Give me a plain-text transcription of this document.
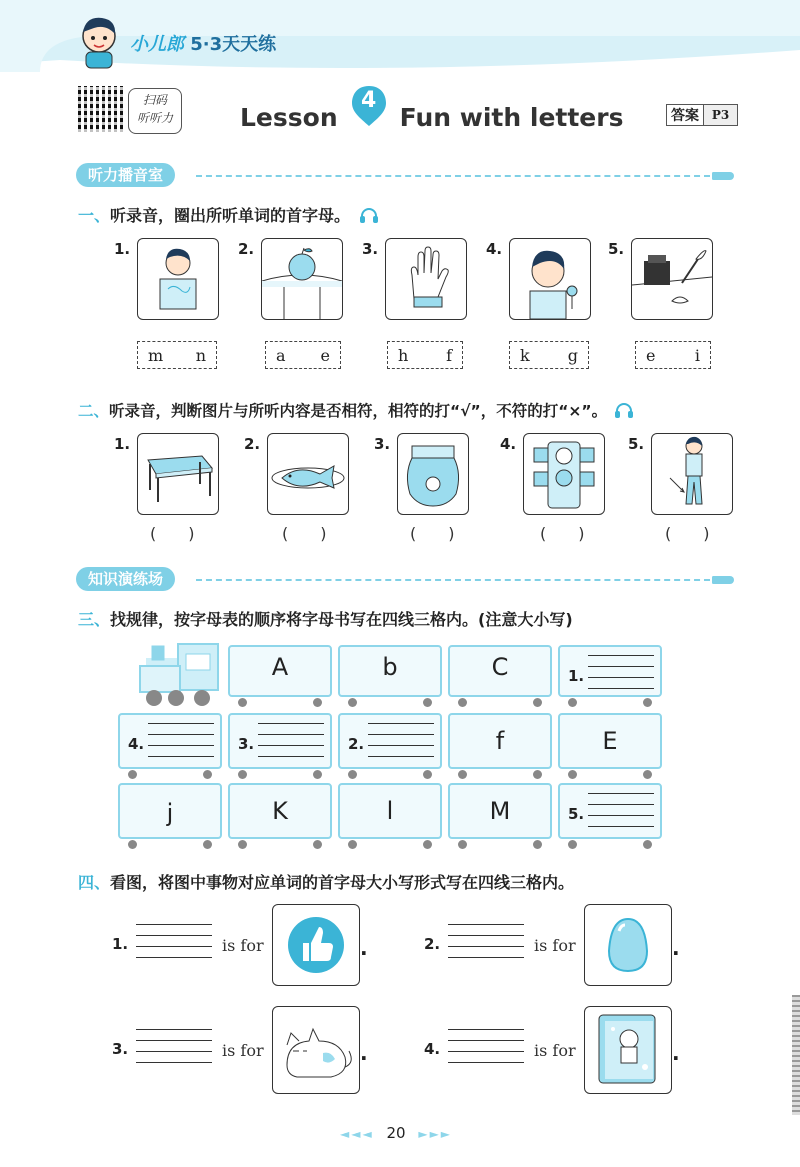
小儿郎 5·3天天练
扫码
听听力	Lesson
4
Fun with letters	答案	P3
听力播音室
一、听录音，圈出所听单词的首字母。
1.	2.	3.	4.	5.
m n	a e	h f	k g	e i
二、听录音，判断图片与所听内容是否相符，相符的打“√”，不符的打“×”。
1.	2.	3.	4.	5.
(　　)	(　　)	(　　)	(　　)	(　　)
知识演练场
三、找规律，按字母表的顺序将字母书写在四线三格内。(注意大小写)
A	b	C	1.
4.	3.	2.	f	E
j	K	l	M	5.
四、看图，将图中事物对应单词的首字母大小写形式写在四线三格内。
1.	is for	.	2.	is for	.
3.	is for	.	4.	is for	.
◄◄◄ 20 ►►►
